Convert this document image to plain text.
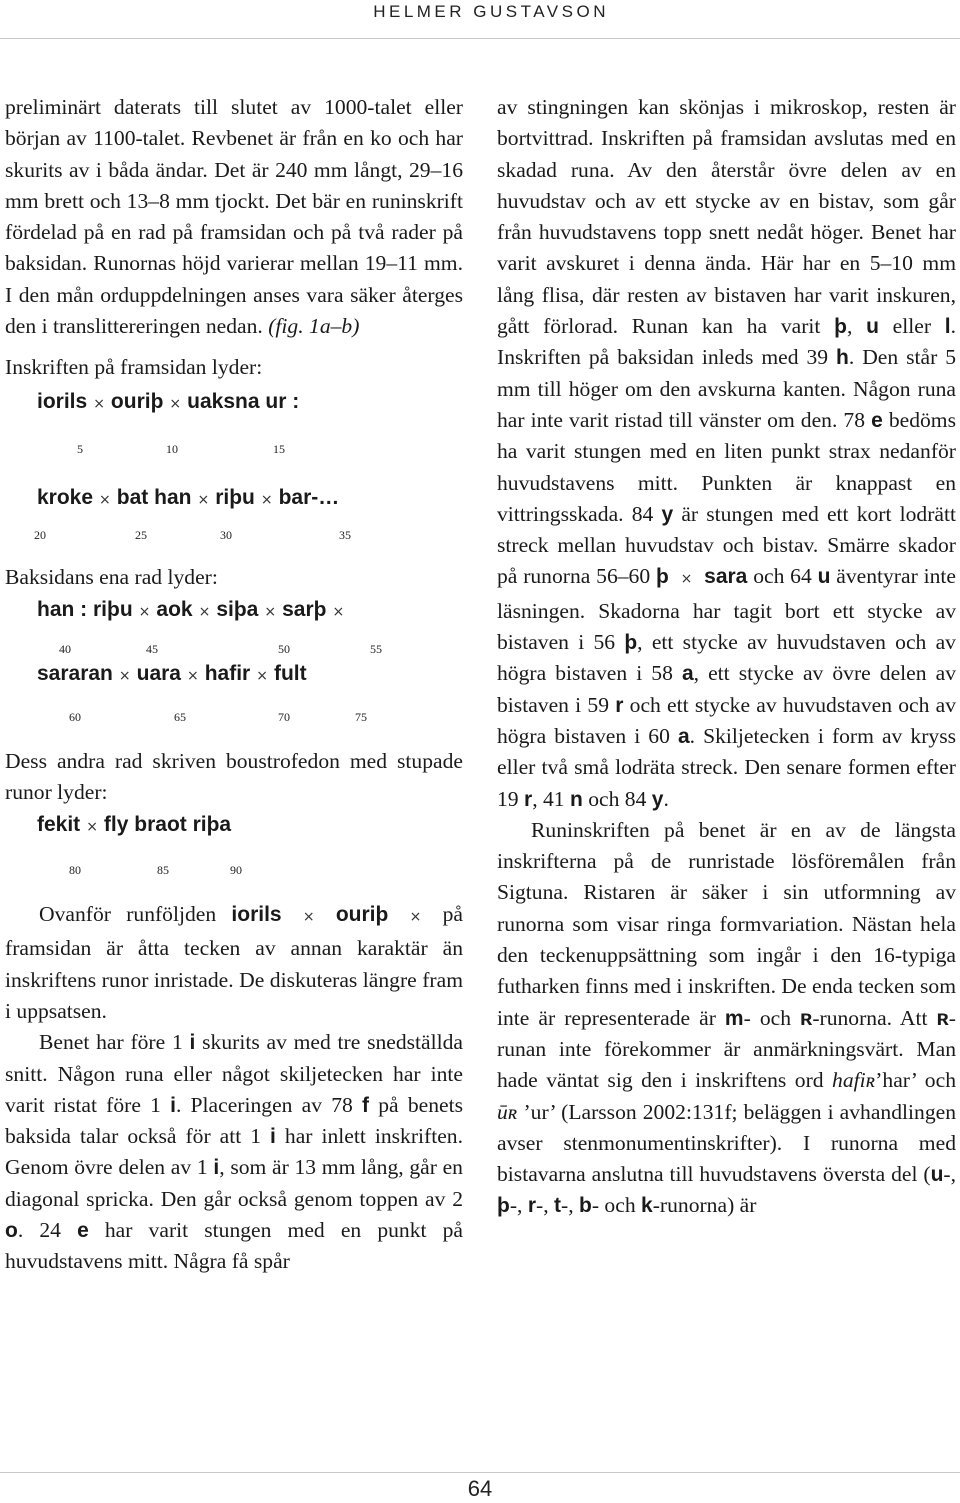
HELMER GUSTAVSON

preliminärt daterats till slutet av 1000-talet eller början av 1100-talet. Revbenet är från en ko och har skurits av i båda ändar. Det är 240 mm långt, 29–16 mm brett och 13–8 mm tjockt. Det bär en runinskrift fördelad på en rad på framsidan och på två rader på baksidan. Runornas höjd varierar mellan 19–11 mm. I den mån orduppdelningen anses vara säker återges den i translittereringen nedan. (fig. 1a–b)

Inskriften på framsidan lyder:

iorils × ouriþ × uaksna ur :
5	10	15
kroke × bat han × riþu × bar-…
20	25	30	35

Baksidans ena rad lyder:

han : riþu × aok × siþa × sarþ ×
40	45	50	55
sararan × uara × hafir × fult
60	65	70	75

Dess andra rad skriven boustrofedon med stupade runor lyder:

fekit × fly braot riþa
80	85	90

Ovanför runföljden iorils × ouriþ × på framsidan är åtta tecken av annan karaktär än inskriftens runor inristade. De diskuteras längre fram i uppsatsen.

Benet har före 1 i skurits av med tre snedställda snitt. Någon runa eller något skiljetecken har inte varit ristat före 1 i. Placeringen av 78 f på benets baksida talar också för att 1 i har inlett inskriften. Genom övre delen av 1 i, som är 13 mm lång, går en diagonal spricka. Den går också genom toppen av 2 o. 24 e har varit stungen med en punkt på huvudstavens mitt. Några få spår

av stingningen kan skönjas i mikroskop, resten är bortvittrad. Inskriften på framsidan avslutas med en skadad runa. Av den återstår övre delen av en huvudstav och av ett stycke av en bistav, som går från huvudstavens topp snett nedåt höger. Benet har varit avskuret i denna ända. Här har en 5–10 mm lång flisa, där resten av bistaven har varit inskuren, gått förlorad. Runan kan ha varit þ, u eller l. Inskriften på baksidan inleds med 39 h. Den står 5 mm till höger om den avskurna kanten. Någon runa har inte varit ristad till vänster om den. 78 e bedöms ha varit stungen med en liten punkt strax nedanför huvudstavens mitt. Punkten är knappast en vittringsskada. 84 y är stungen med ett kort lodrätt streck mellan huvudstav och bistav. Smärre skador på runorna 56–60 þ × sara och 64 u äventyrar inte läsningen. Skadorna har tagit bort ett stycke av bistaven i 56 þ, ett stycke av huvudstaven och av högra bistaven i 58 a, ett stycke av övre delen av bistaven i 59 r och ett stycke av huvudstaven och av högra bistaven i 60 a. Skiljetecken i form av kryss eller två små lodräta streck. Den senare formen efter 19 r, 41 n och 84 y.

Runinskriften på benet är en av de längsta inskrifterna på de runristade lösföremålen från Sigtuna. Ristaren är säker i sin utformning av runorna som visar ringa formvariation. Nästan hela den teckenuppsättning som ingår i den 16-typiga futharken finns med i inskriften. De enda tecken som inte är representerade är m- och ʀ-runorna. Att ʀ-runan inte förekommer är anmärkningsvärt. Man hade väntat sig den i inskriftens ord hafiʀ’har’ och ūʀ ’ur’ (Larsson 2002:131f; beläggen i avhandlingen avser stenmonumentinskrifter). I runorna med bistavarna anslutna till huvudstavens översta del (u-, þ-, r-, t-, b- och k-runorna) är

64
